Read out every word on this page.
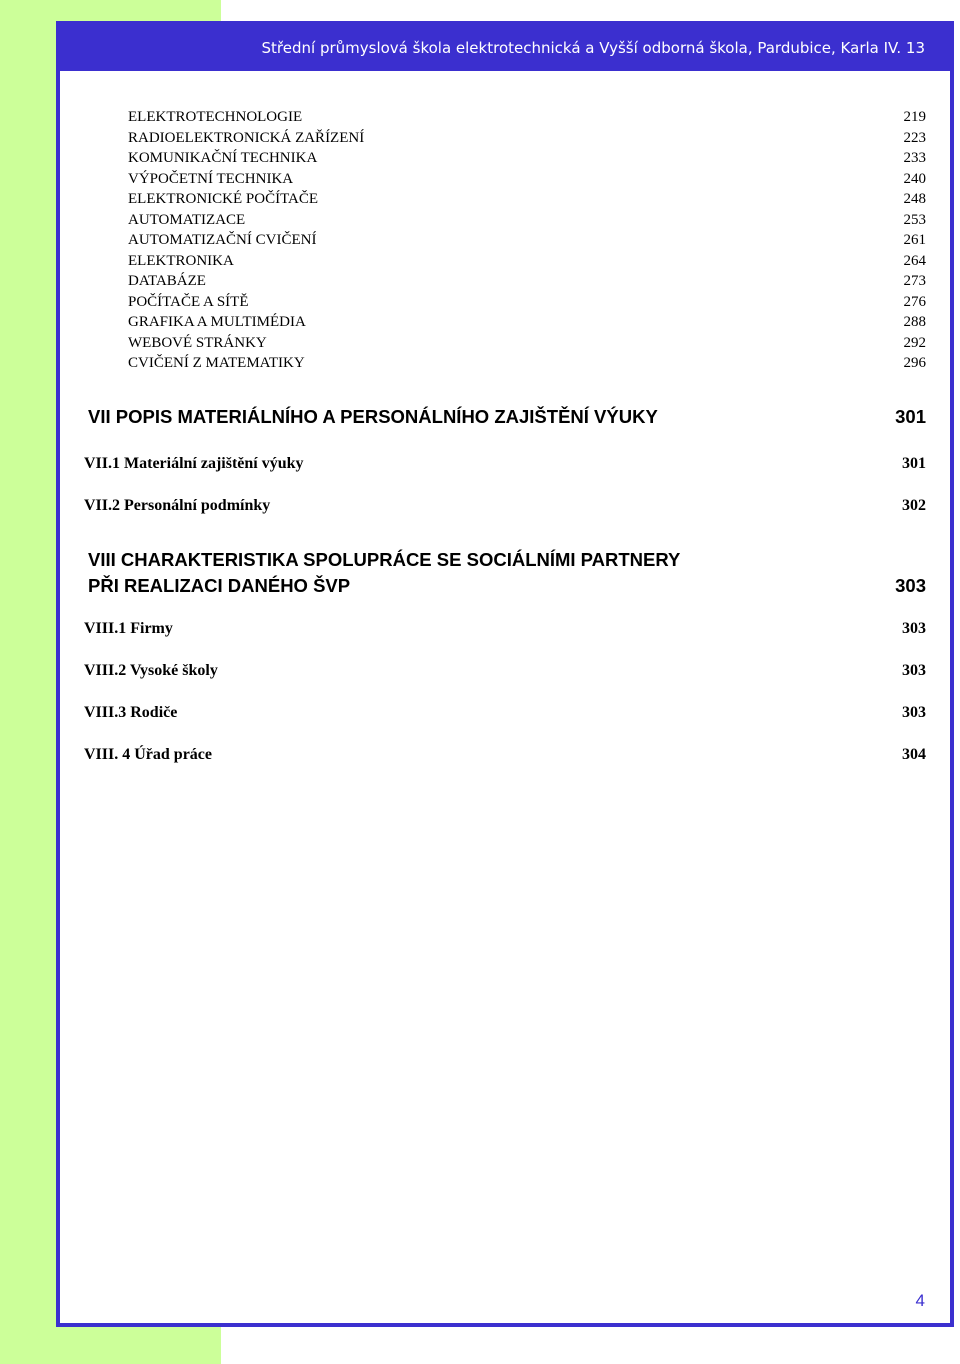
Střední průmyslová škola elektrotechnická a Vyšší odborná škola, Pardubice, Karla IV. 13
ELEKTROTECHNOLOGIE	219
RADIOELEKTRONICKÁ ZAŘÍZENÍ	223
KOMUNIKAČNÍ TECHNIKA	233
VÝPOČETNÍ TECHNIKA	240
ELEKTRONICKÉ POČÍTAČE	248
AUTOMATIZACE	253
AUTOMATIZAČNÍ CVIČENÍ	261
ELEKTRONIKA	264
DATABÁZE	273
POČÍTAČE A SÍTĚ	276
GRAFIKA A MULTIMÉDIA	288
WEBOVÉ STRÁNKY	292
CVIČENÍ Z MATEMATIKY	296
VII POPIS MATERIÁLNÍHO A PERSONÁLNÍHO ZAJIŠTĚNÍ VÝUKY	301
VII.1 Materiální zajištění výuky	301
VII.2 Personální podmínky	302
VIII CHARAKTERISTIKA SPOLUPRÁCE SE SOCIÁLNÍMI PARTNERY
PŘI REALIZACI DANÉHO ŠVP	303
VIII.1 Firmy	303
VIII.2 Vysoké školy	303
VIII.3 Rodiče	303
VIII. 4 Úřad práce	304
4
